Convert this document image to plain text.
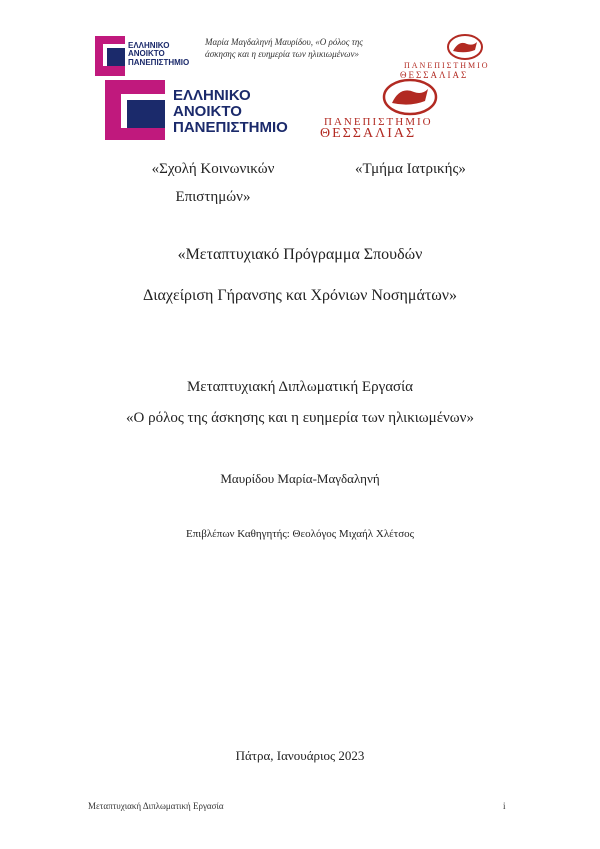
ΕΛΛΗΝΙΚΟ
ΑΝΟΙΚΤΟ
ΠΑΝΕΠΙΣΤΗΜΙΟ
ΕΛΛΗΝΙΚΟ
ΑΝΟΙΚΤΟ
ΠΑΝΕΠΙΣΤΗΜΙΟ
Μαρία Μαγδαληνή Μαυρίδου, «Ο ρόλος της άσκησης και η ευημερία των ηλικιωμένων»
ΠΑΝΕΠΙΣΤΗΜΙΟ
ΘΕΣΣΑΛΙΑΣ
ΠΑΝΕΠΙΣΤΗΜΙΟ
ΘΕΣΣΑΛΙΑΣ
«Σχολή Κοινωνικών Επιστημών»
«Τμήμα Ιατρικής»
«Μεταπτυχιακό Πρόγραμμα Σπουδών
Διαχείριση Γήρανσης και Χρόνιων Νοσημάτων»
Μεταπτυχιακή Διπλωματική Εργασία
«Ο ρόλος της άσκησης και η ευημερία των ηλικιωμένων»
Μαυρίδου Μαρία-Μαγδαληνή
Επιβλέπων Καθηγητής: Θεολόγος Μιχαήλ Χλέτσος
Πάτρα, Ιανουάριος 2023
Μεταπτυχιακή Διπλωματική Εργασία	i
